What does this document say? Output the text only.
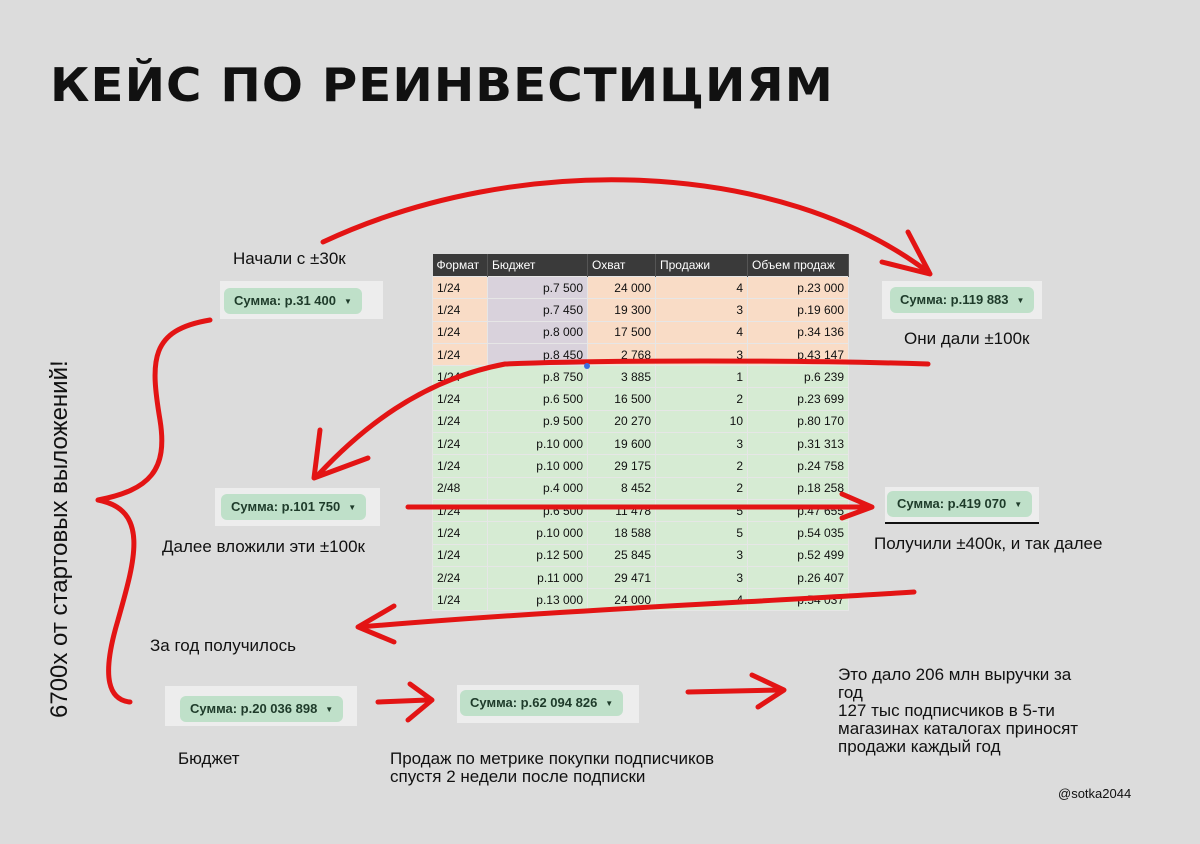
КЕЙС ПО РЕИНВЕСТИЦИЯМ
6700х от стартовых выложений!
Начали с ±30к
Они дали ±100к
Далее вложили эти ±100к	Получили ±400к, и так далее
За год получилось
Бюджет	Продаж по метрике покупки подписчиков
спустя 2 недели после подписки
Это дало 206 млн выручки за
год
127 тыс подписчиков в 5-ти
магазинах каталогах приносят
продажи каждый год
@sotka2044
Сумма: р.31 400 ▼	Сумма: р.119 883 ▼
Сумма: р.101 750 ▼	Сумма: р.419 070 ▼
Сумма: р.20 036 898 ▼	Сумма: р.62 094 826 ▼
Формат	Бюджет	Охват	Продажи	Объем продаж
1/24	р.7 500	24 000	4	р.23 000
1/24	р.7 450	19 300	3	р.19 600
1/24	р.8 000	17 500	4	р.34 136
1/24	р.8 450	2 768	3	р.43 147
1/24	р.8 750	3 885	1	р.6 239
1/24	р.6 500	16 500	2	р.23 699
1/24	р.9 500	20 270	10	р.80 170
1/24	р.10 000	19 600	3	р.31 313
1/24	р.10 000	29 175	2	р.24 758
2/48	р.4 000	8 452	2	р.18 258
1/24	р.6 500	11 478	5	р.47 655
1/24	р.10 000	18 588	5	р.54 035
1/24	р.12 500	25 845	3	р.52 499
2/24	р.11 000	29 471	3	р.26 407
1/24	р.13 000	24 000	4	р.54 037
